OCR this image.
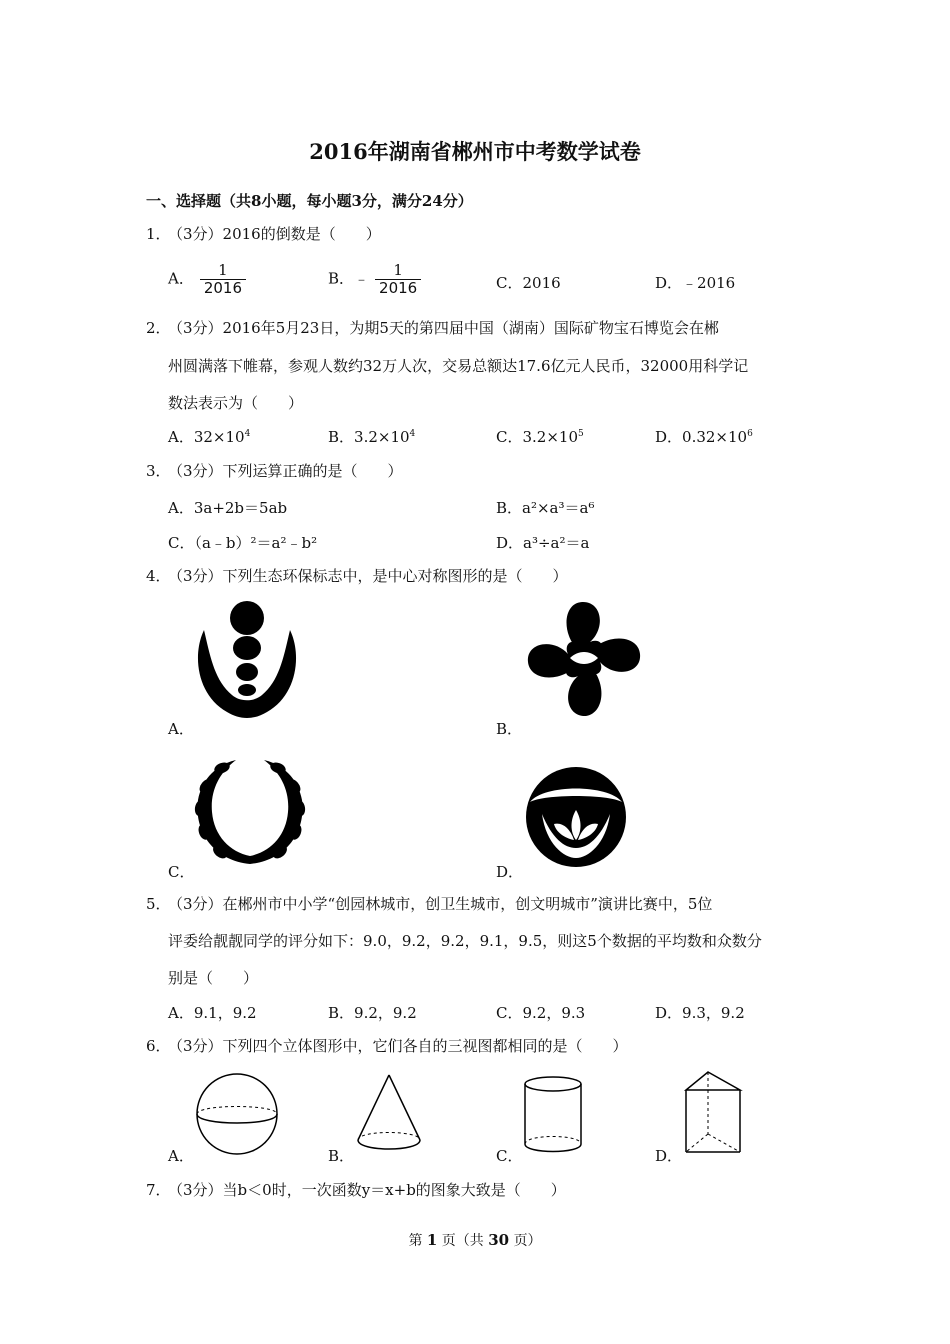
2016年湖南省郴州市中考数学试卷
一、选择题（共8小题，每小题3分，满分24分）
1．（3分）2016的倒数是（　　）
A． $\frac{1}{2016}$	B．﹣ $\frac{1}{2016}$	C．2016	D．﹣2016
2．（3分）2016年5月23日，为期5天的第四届中国（湖南）国际矿物宝石博览会在郴
州圆满落下帷幕，参观人数约32万人次，交易总额达17.6亿元人民币，32000用科学记
数法表示为（　　）
A．$32\times 10^4$	B．$3.2\times 10^4$	C．$3.2\times 10^5$	D．$0.32\times 10^6$
3．（3分）下列运算正确的是（　　）
A．3a+2b＝5ab	B．a²×a³＝a⁶
C．（a﹣b）²＝a²﹣b²	D．a³÷a²＝a
4．（3分）下列生态环保标志中，是中心对称图形的是（　　）
A．	B．
C．	D．
5．（3分）在郴州市中小学“创园林城市，创卫生城市，创文明城市”演讲比赛中，5位
评委给靓靓同学的评分如下：9.0，9.2，9.2，9.1，9.5，则这5个数据的平均数和众数分
别是（　　）
A．9.1，9.2	B．9.2，9.2	C．9.2，9.3	D．9.3，9.2
6．（3分）下列四个立体图形中，它们各自的三视图都相同的是（　　）
A．	B．	C．	D．
7．（3分）当b＜0时，一次函数y＝x+b的图象大致是（　　）
第 1 页（共 30 页）
